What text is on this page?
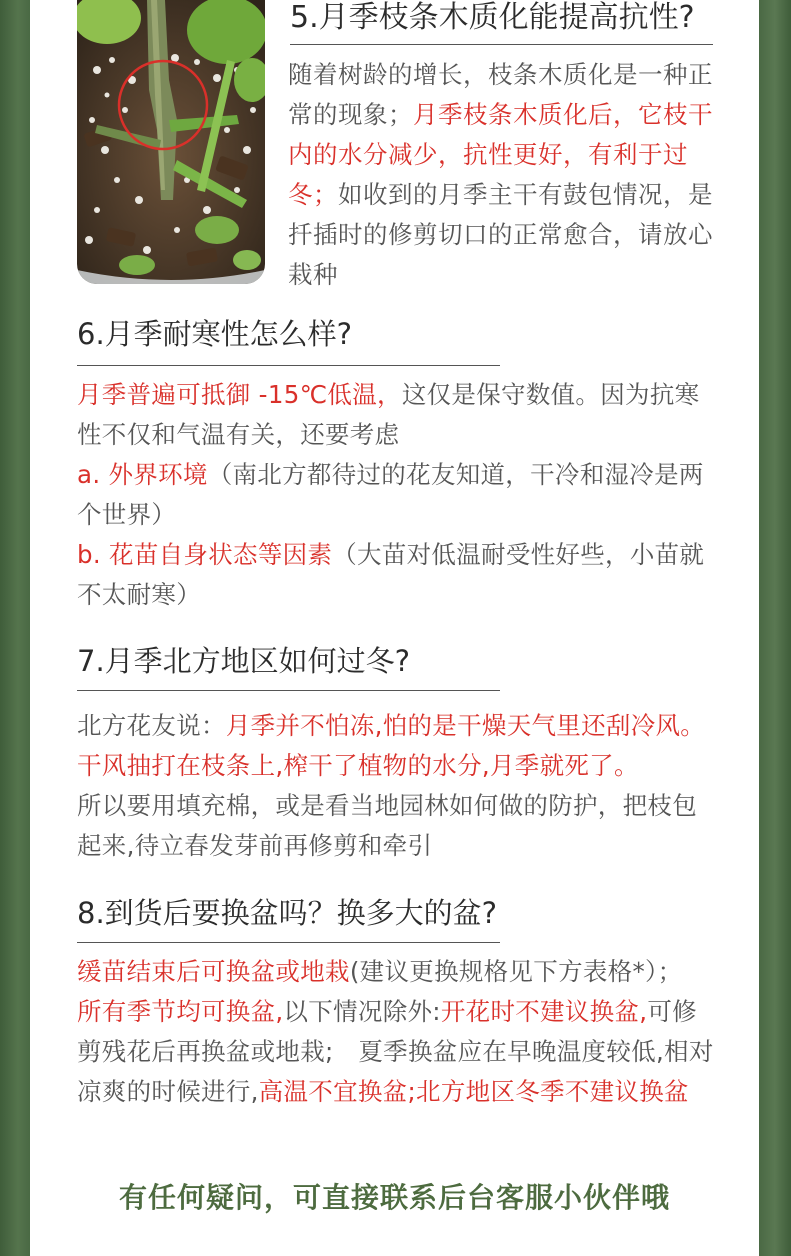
5.月季枝条木质化能提高抗性?
随着树龄的增长，枝条木质化是一种正常的现象；月季枝条木质化后，它枝干内的水分减少，抗性更好，有利于过冬；如收到的月季主干有鼓包情况，是扦插时的修剪切口的正常愈合，请放心栽种
6.月季耐寒性怎么样?
月季普遍可抵御 -15℃低温，这仅是保守数值。因为抗寒性不仅和气温有关，还要考虑
a. 外界环境（南北方都待过的花友知道，干冷和湿冷是两个世界）
b. 花苗自身状态等因素（大苗对低温耐受性好些，小苗就不太耐寒）
7.月季北方地区如何过冬?
北方花友说：月季并不怕冻,怕的是干燥天气里还刮冷风。干风抽打在枝条上,榨干了植物的水分,月季就死了。
所以要用填充棉，或是看当地园林如何做的防护，把枝包起来,待立春发芽前再修剪和牵引
8.到货后要换盆吗？换多大的盆?
缓苗结束后可换盆或地栽(建议更换规格见下方表格*）；
所有季节均可换盆,以下情况除外:开花时不建议换盆,可修剪残花后再换盆或地栽;　夏季换盆应在早晚温度较低,相对凉爽的时候进行,高温不宜换盆;北方地区冬季不建议换盆
有任何疑问，可直接联系后台客服小伙伴哦
